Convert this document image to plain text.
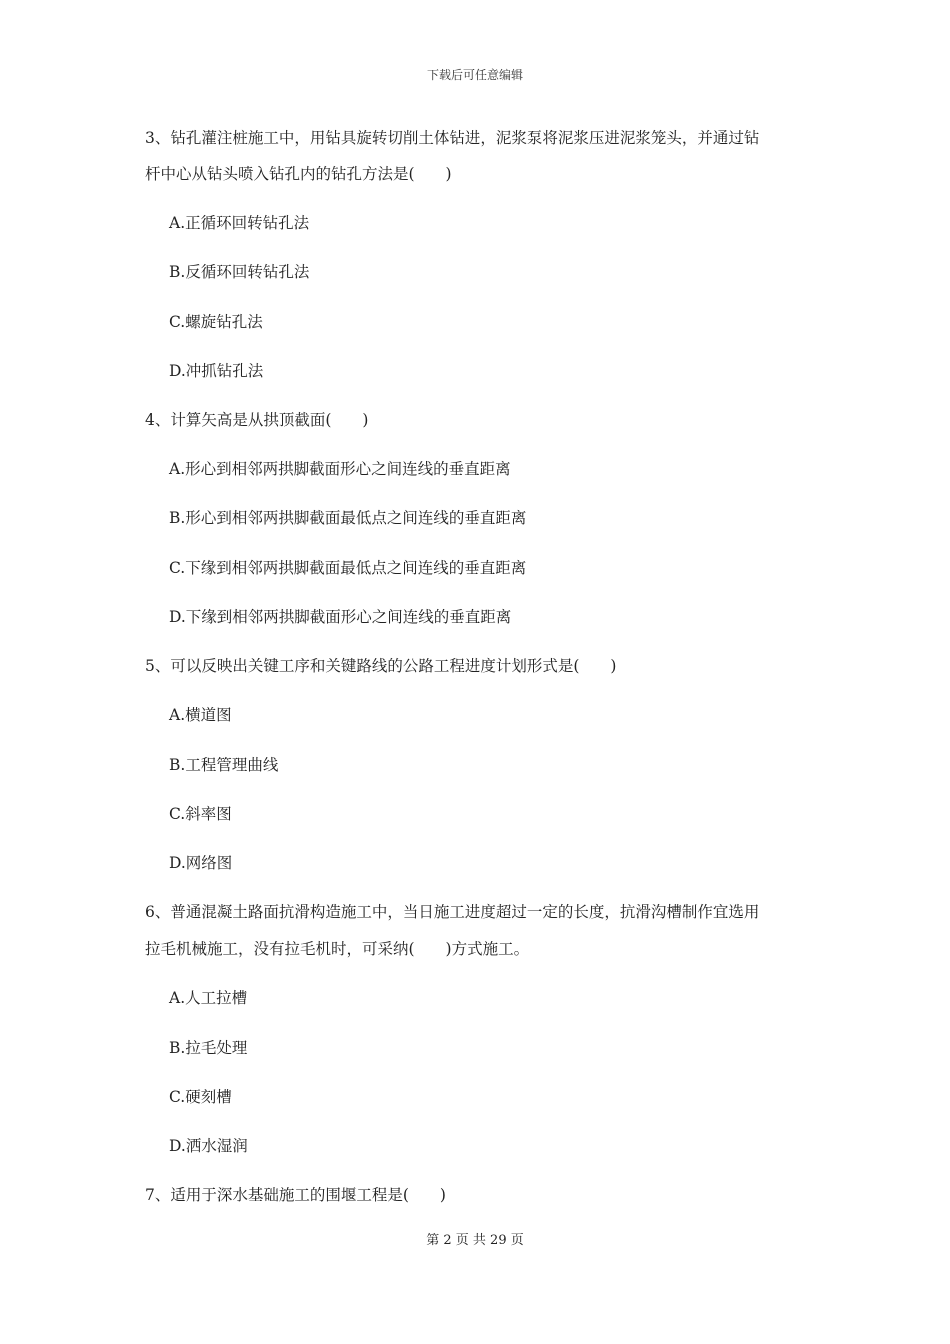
下载后可任意编辑
3、钻孔灌注桩施工中，用钻具旋转切削土体钻进，泥浆泵将泥浆压进泥浆笼头，并通过钻
杆中心从钻头喷入钻孔内的钻孔方法是(　　)
A.正循环回转钻孔法
B.反循环回转钻孔法
C.螺旋钻孔法
D.冲抓钻孔法
4、计算矢高是从拱顶截面(　　)
A.形心到相邻两拱脚截面形心之间连线的垂直距离
B.形心到相邻两拱脚截面最低点之间连线的垂直距离
C.下缘到相邻两拱脚截面最低点之间连线的垂直距离
D.下缘到相邻两拱脚截面形心之间连线的垂直距离
5、可以反映出关键工序和关键路线的公路工程进度计划形式是(　　)
A.横道图
B.工程管理曲线
C.斜率图
D.网络图
6、普通混凝土路面抗滑构造施工中，当日施工进度超过一定的长度，抗滑沟槽制作宜选用
拉毛机械施工，没有拉毛机时，可采纳(　　)方式施工。
A.人工拉槽
B.拉毛处理
C.硬刻槽
D.洒水湿润
7、适用于深水基础施工的围堰工程是(　　)
第 2 页 共 29 页
